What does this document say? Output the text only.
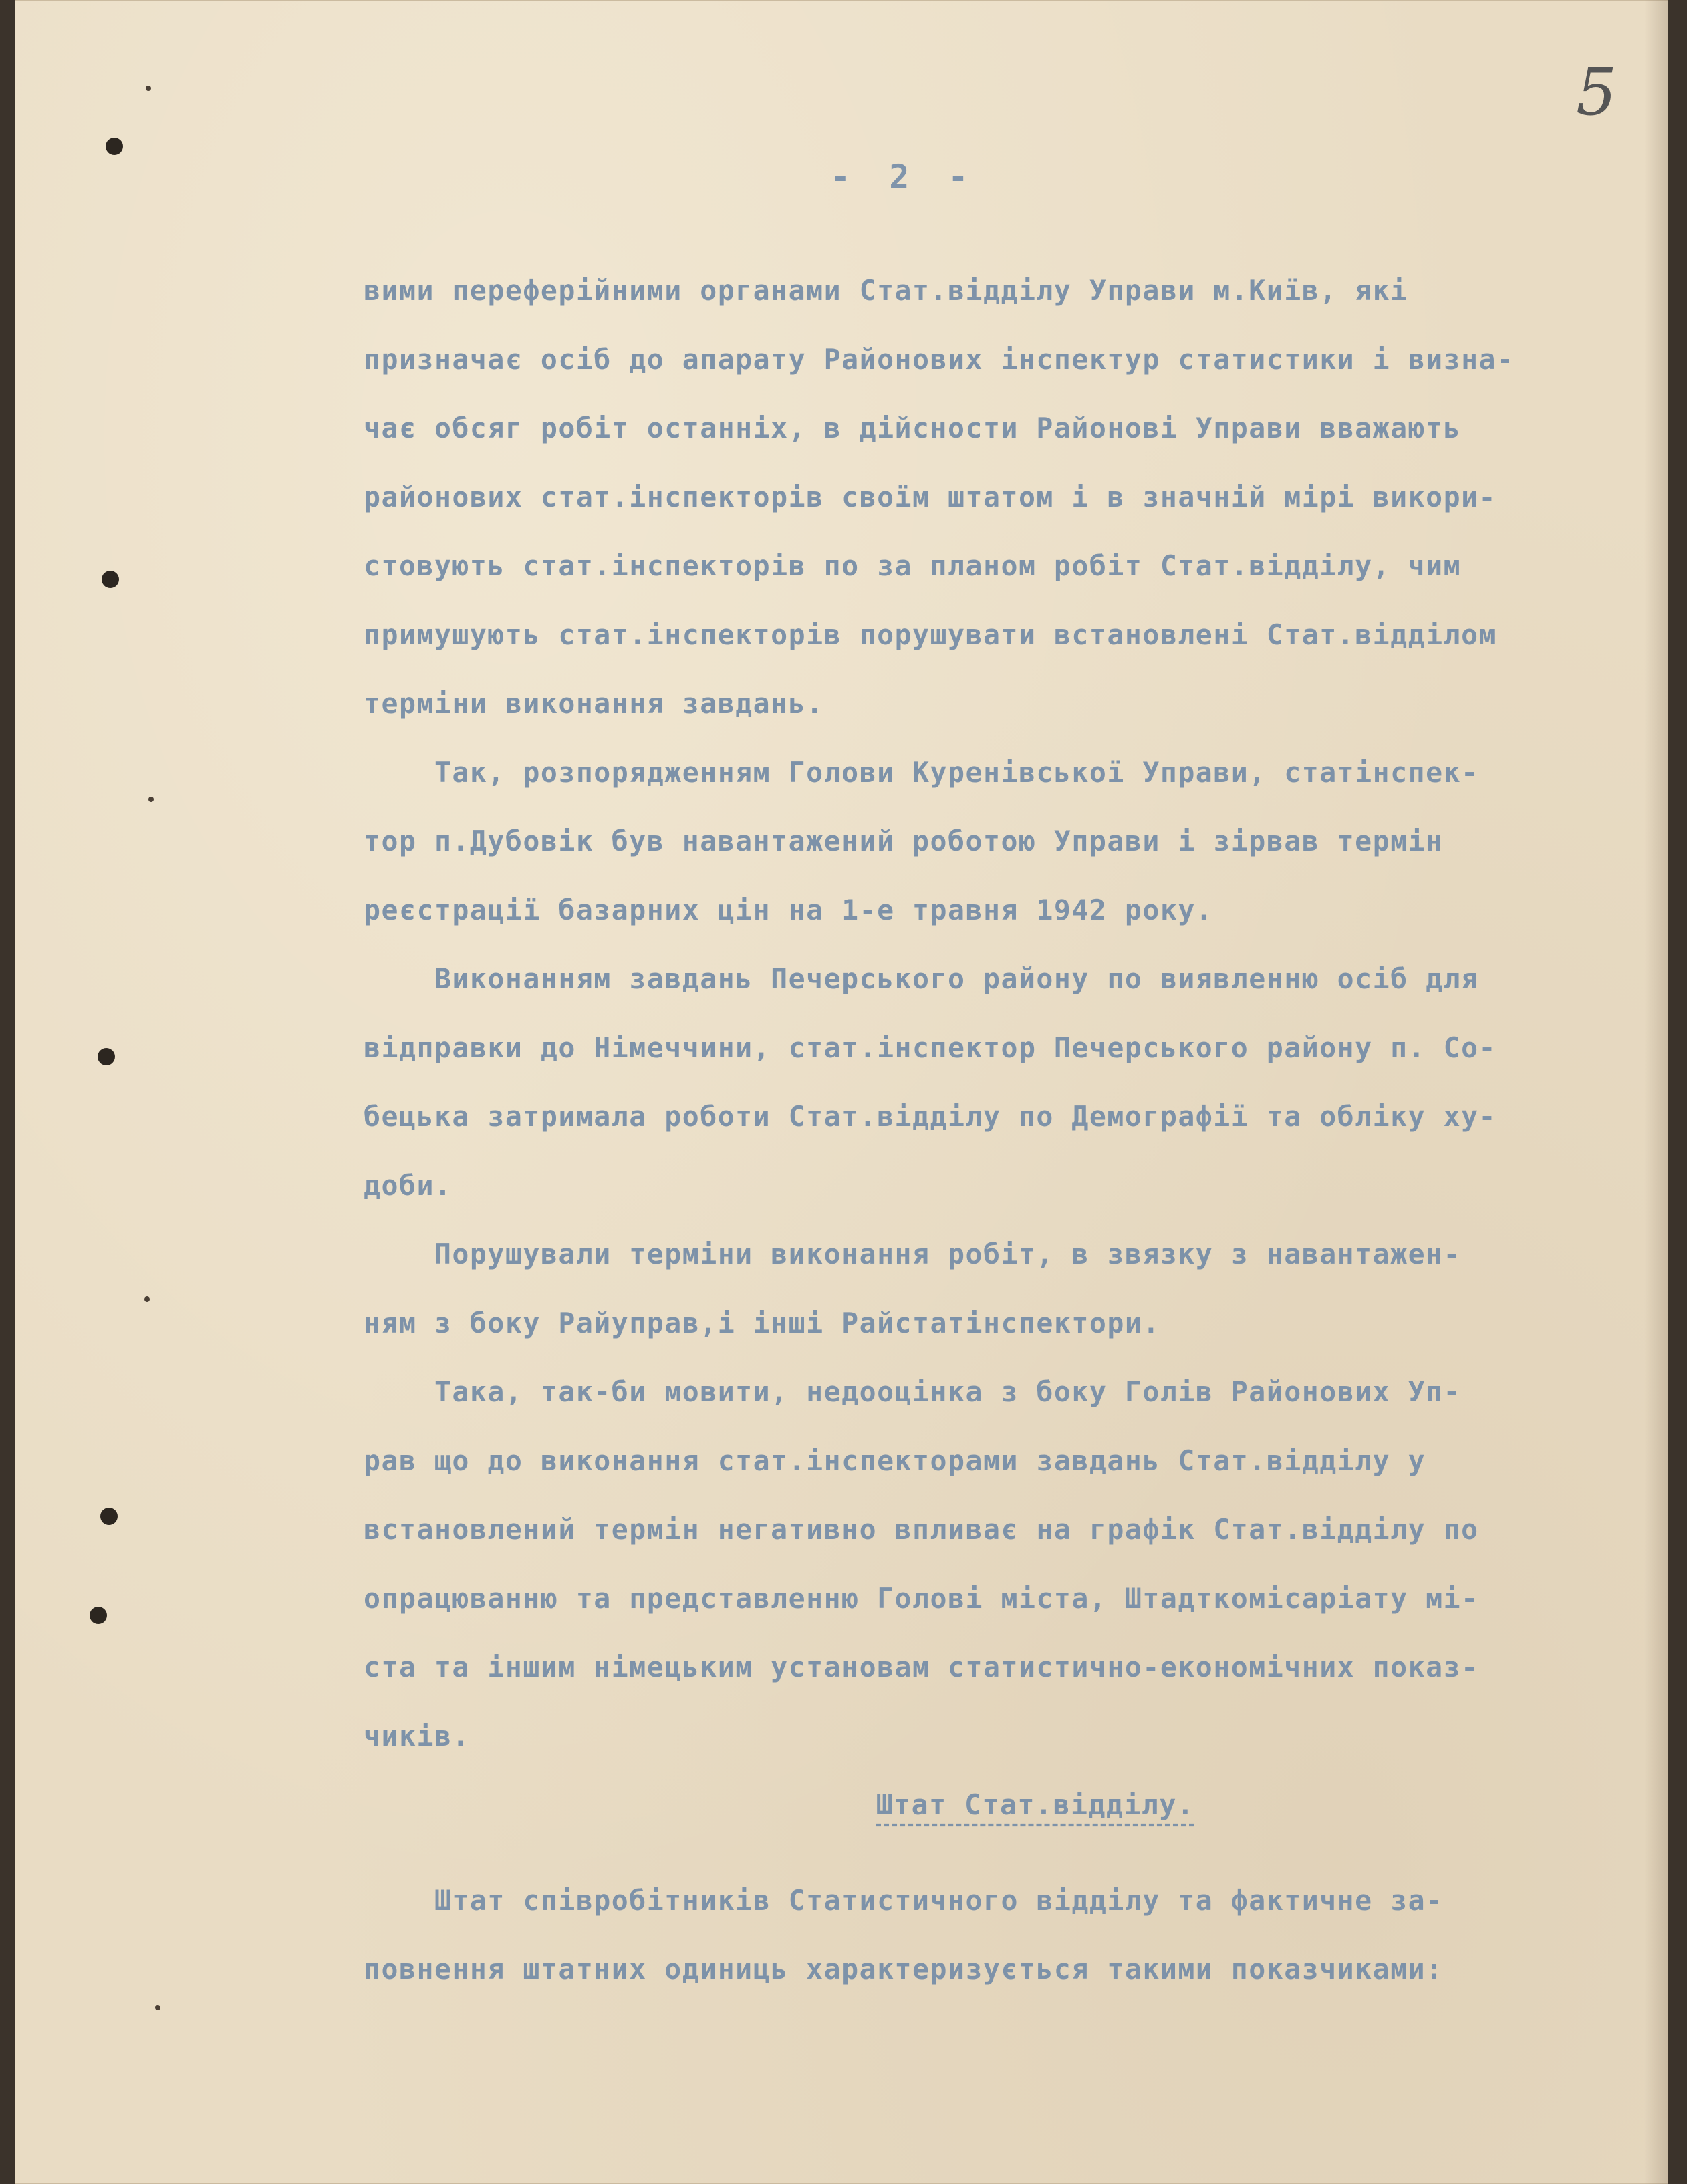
5
- 2 -
вими переферійними органами Стат.відділу Управи м.Київ, які
призначає осіб до апарату Районових інспектур статистики і визна-
чає обсяг робіт останніх, в дійсности Районові Управи вважають
районових стат.інспекторів своїм штатом і в значній мірі викори-
стовують стат.інспекторів по за планом робіт Стат.відділу, чим
примушують стат.інспекторів порушувати встановлені Стат.відділом
терміни виконання завдань.
Так, розпорядженням Голови Куренівської Управи, статінспек-
тор п.Дубовік був навантажений роботою Управи і зірвав термін
реєстрації базарних цін на 1-е травня 1942 року.
Виконанням завдань Печерського району по виявленню осіб для
відправки до Німеччини, стат.інспектор Печерського району п. Со-
бецька затримала роботи Стат.відділу по Демографії та обліку ху-
доби.
Порушували терміни виконання робіт, в звязку з навантажен-
ням з боку Райуправ,і інші Райстатінспектори.
Така, так-би мовити, недооцінка з боку Голів Районових Уп-
рав що до виконання стат.інспекторами завдань Стат.відділу у
встановлений термін негативно впливає на графік Стат.відділу по
опрацюванню та представленню Голові міста, Штадткомісаріату мі-
ста та іншим німецьким установам статистично-економічних показ-
чиків.
Штат Стат.відділу.
Штат співробітників Статистичного відділу та фактичне за-
повнення штатних одиниць характеризується такими показчиками:
